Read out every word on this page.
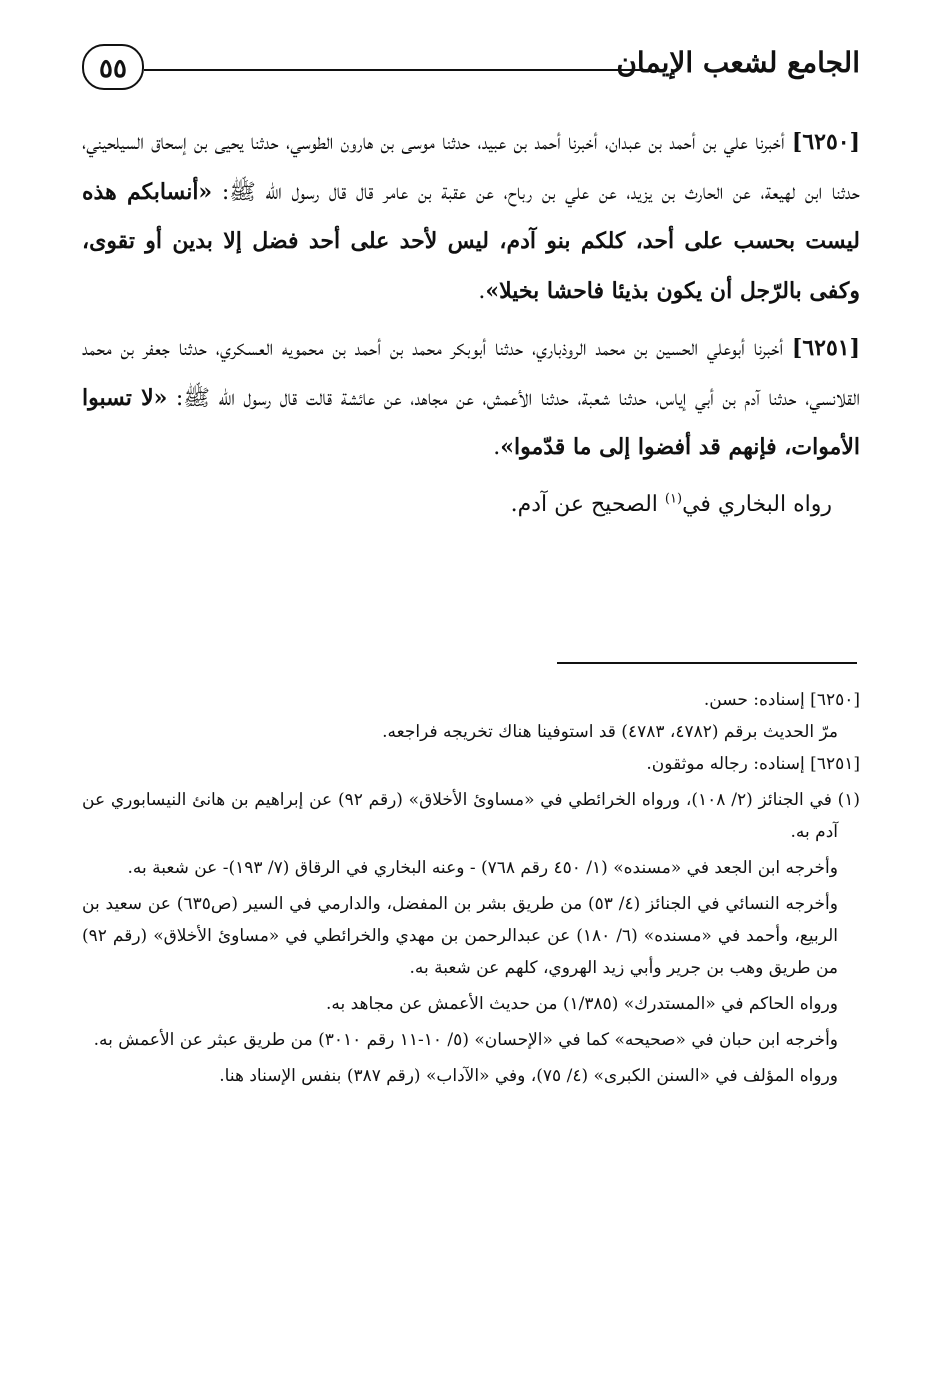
الجامع لشعب الإيمان
٥٥

[٦٢٥٠] أخبرنا علي بن أحمد بن عبدان، أخبرنا أحمد بن عبيد، حدثنا موسى بن هارون الطوسي، حدثنا يحيى بن إسحاق السيلحيني، حدثنا ابن لهيعة، عن الحارث بن يزيد، عن علي بن رباح، عن عقبة بن عامر قال قال رسول الله ﷺ: «أنسابكم هذه ليست بحسب على أحد، كلكم بنو آدم، ليس لأحد على أحد فضل إلا بدين أو تقوى، وكفى بالرّجل أن يكون بذيئا فاحشا بخيلا».

[٦٢٥١] أخبرنا أبوعلي الحسين بن محمد الروذباري، حدثنا أبوبكر محمد بن أحمد بن محمويه العسكري، حدثنا جعفر بن محمد القلانسي، حدثنا آدم بن أبي إياس، حدثنا شعبة، حدثنا الأعمش، عن مجاهد، عن عائشة قالت قال رسول الله ﷺ: «لا تسبوا الأموات، فإنهم قد أفضوا إلى ما قدّموا».

رواه البخاري في$^{(١)}$ الصحيح عن آدم.

[٦٢٥٠] إسناده: حسن.

مرّ الحديث برقم (٤٧٨٢، ٤٧٨٣) قد استوفينا هناك تخريجه فراجعه.

[٦٢٥١] إسناده: رجاله موثقون.

(١) في الجنائز (٢/ ١٠٨)، ورواه الخرائطي في «مساوئ الأخلاق» (رقم ٩٢) عن إبراهيم بن هانئ النيسابوري عن آدم به.

وأخرجه ابن الجعد في «مسنده» (١/ ٤٥٠ رقم ٧٦٨) - وعنه البخاري في الرقاق (٧/ ١٩٣)- عن شعبة به.

وأخرجه النسائي في الجنائز (٤/ ٥٣) من طريق بشر بن المفضل، والدارمي في السير (ص٦٣٥) عن سعيد بن الربيع، وأحمد في «مسنده» (٦/ ١٨٠) عن عبدالرحمن بن مهدي والخرائطي في «مساوئ الأخلاق» (رقم ٩٢) من طريق وهب بن جرير وأبي زيد الهروي، كلهم عن شعبة به.

ورواه الحاكم في «المستدرك» (١/٣٨٥) من حديث الأعمش عن مجاهد به.

وأخرجه ابن حبان في «صحيحه» كما في «الإحسان» (٥/ ١٠-١١ رقم ٣٠١٠) من طريق عبثر عن الأعمش به.

ورواه المؤلف في «السنن الكبرى» (٤/ ٧٥)، وفي «الآداب» (رقم ٣٨٧) بنفس الإسناد هنا.
